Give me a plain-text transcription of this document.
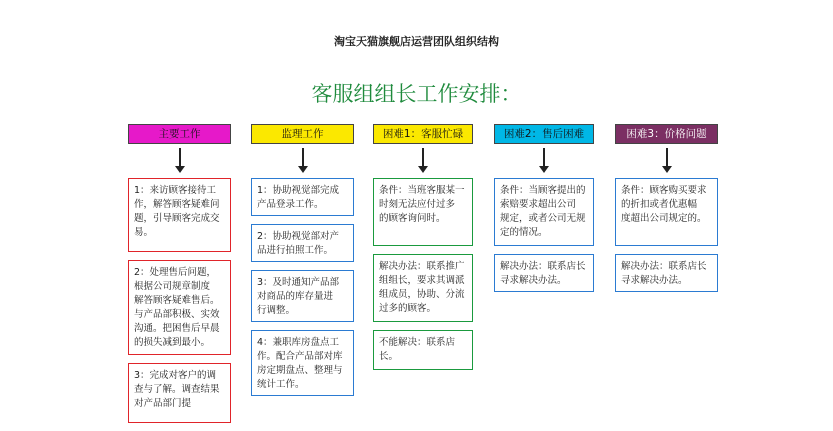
淘宝天猫旗舰店运营团队组织结构
客服组组长工作安排：
主要工作
1：来访顾客接待工
作，解答顾客疑难问
题，引导顾客完成交
易。
2：处理售后问题，
根据公司规章制度
解答顾客疑难售后。
与产品部积极、实效
沟通。把困售后早晨
的损失减到最小。
3：完成对客户的调
查与了解。调查结果
对产品部门提
监理工作
1：协助视觉部完成
产品登录工作。
2：协助视觉部对产
品进行拍照工作。
3：及时通知产品部
对商品的库存量进
行调整。
4：兼职库房盘点工
作。配合产品部对库
房定期盘点、整理与
统计工作。
困难1：客服忙碌
条件：当班客服某一
时刻无法应付过多
的顾客询问时。
解决办法：联系推广
组组长，要求其调派
组成员，协助、分流
过多的顾客。
不能解决：联系店
长。
困难2：售后困难
条件：当顾客提出的
索赔要求超出公司
规定，或者公司无规
定的情况。
解决办法：联系店长
寻求解决办法。
困难3：价格问题
条件：顾客购买要求
的折扣或者优惠幅
度超出公司规定的。
解决办法：联系店长
寻求解决办法。
